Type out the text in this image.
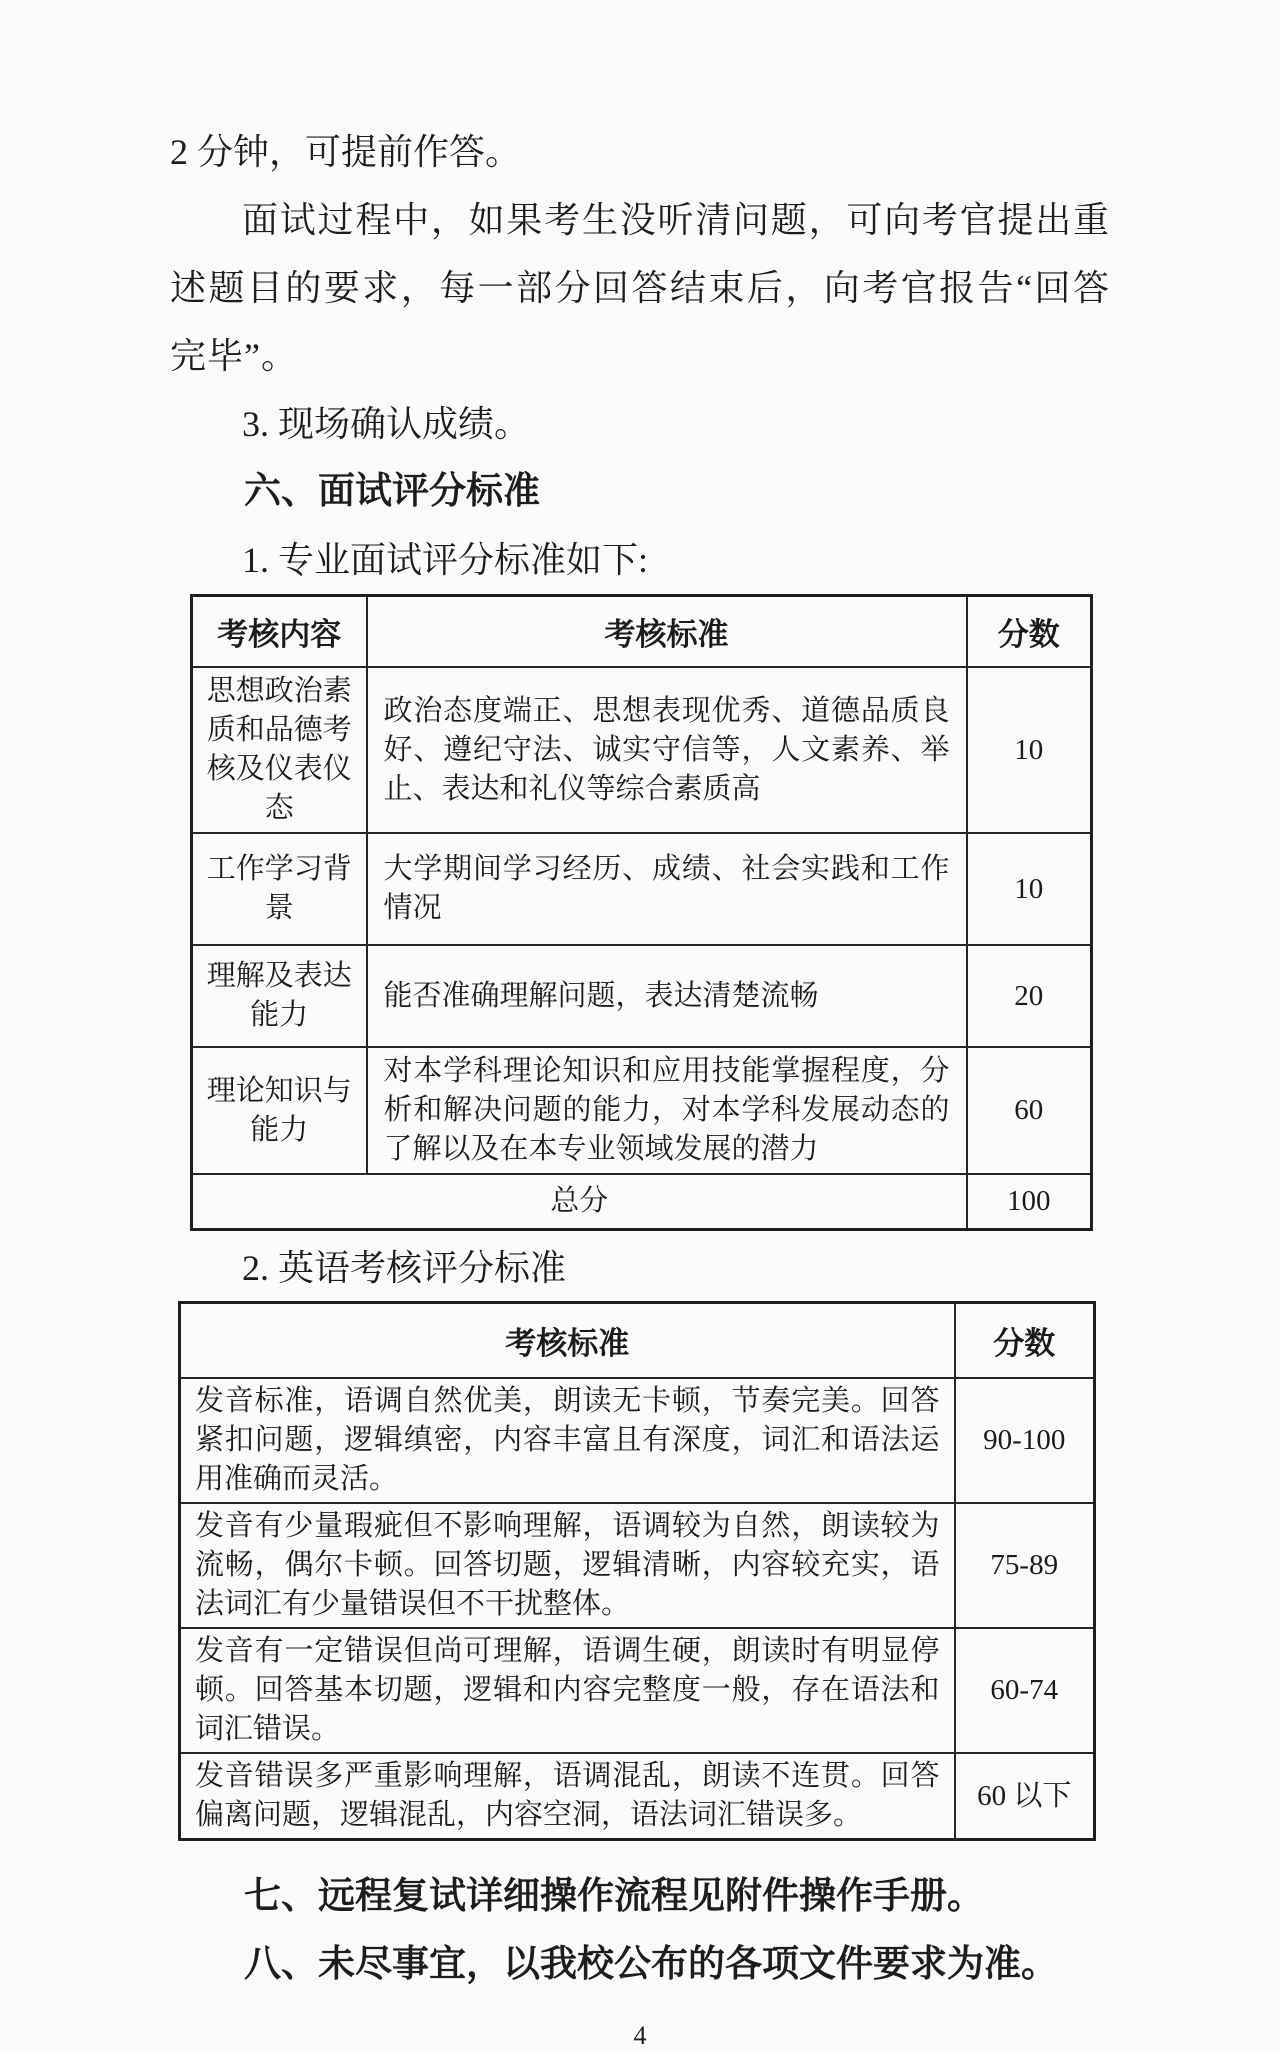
2 分钟，可提前作答。

面试过程中，如果考生没听清问题，可向考官提出重述题目的要求，每一部分回答结束后，向考官报告“回答完毕”。

3. 现场确认成绩。

六、面试评分标准

1. 专业面试评分标准如下:

考核内容	考核标准	分数
思想政治素质和品德考核及仪表仪态	政治态度端正、思想表现优秀、道德品质良好、遵纪守法、诚实守信等，人文素养、举止、表达和礼仪等综合素质高	10
工作学习背景	大学期间学习经历、成绩、社会实践和工作情况	10
理解及表达能力	能否准确理解问题，表达清楚流畅	20
理论知识与能力	对本学科理论知识和应用技能掌握程度，分析和解决问题的能力，对本学科发展动态的了解以及在本专业领域发展的潜力	60
总分		100

2. 英语考核评分标准

考核标准	分数
发音标准，语调自然优美，朗读无卡顿，节奏完美。回答紧扣问题，逻辑缜密，内容丰富且有深度，词汇和语法运用准确而灵活。	90-100
发音有少量瑕疵但不影响理解，语调较为自然，朗读较为流畅，偶尔卡顿。回答切题，逻辑清晰，内容较充实，语法词汇有少量错误但不干扰整体。	75-89
发音有一定错误但尚可理解，语调生硬，朗读时有明显停顿。回答基本切题，逻辑和内容完整度一般，存在语法和词汇错误。	60-74
发音错误多严重影响理解，语调混乱，朗读不连贯。回答偏离问题，逻辑混乱，内容空洞，语法词汇错误多。	60 以下

七、远程复试详细操作流程见附件操作手册。

八、未尽事宜，以我校公布的各项文件要求为准。

4
